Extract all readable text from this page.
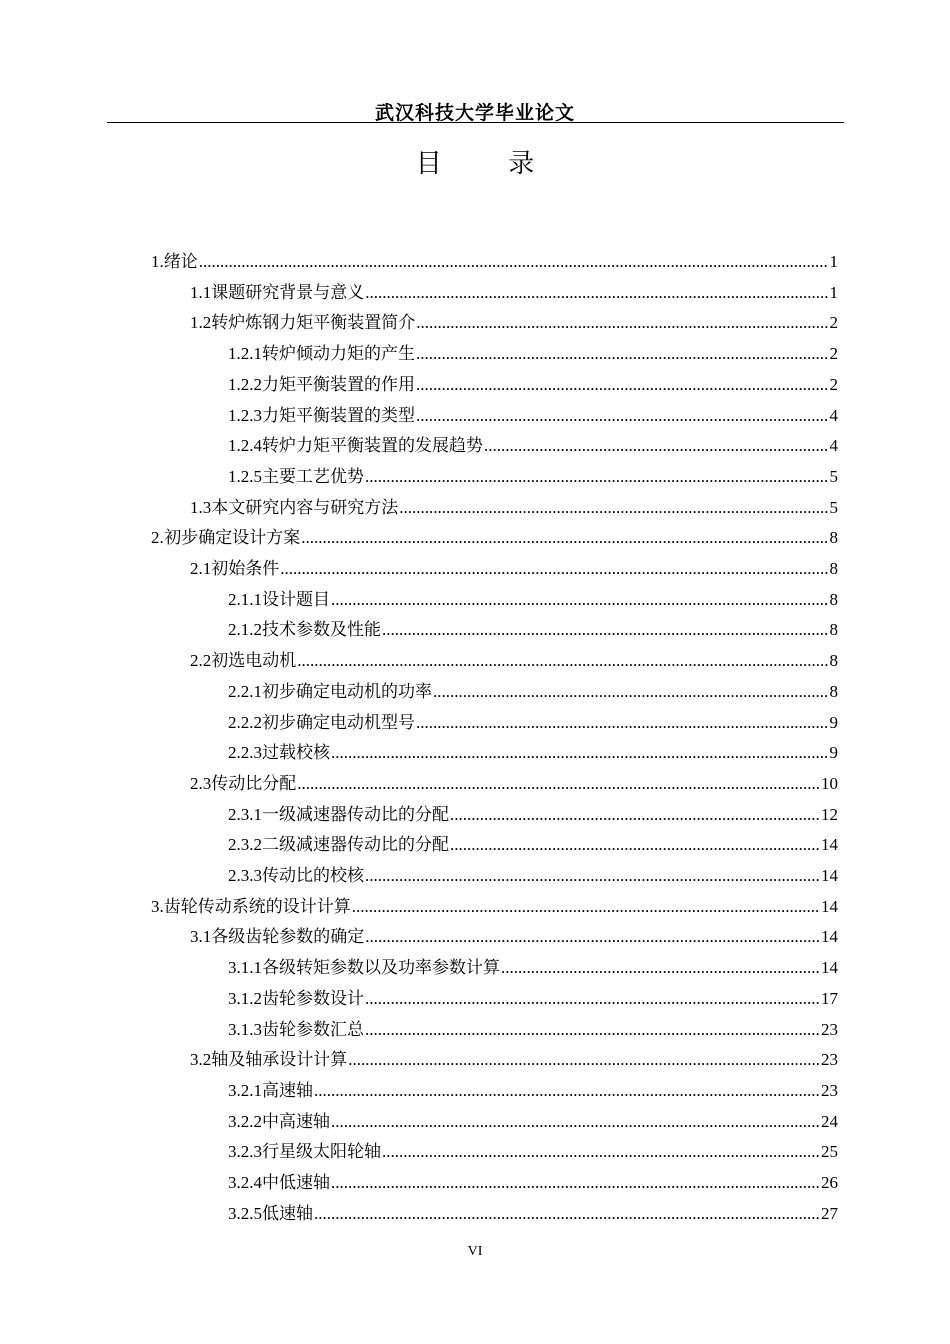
武汉科技大学毕业论文
目 录
1. 绪论 .....	1
1.1 课题研究背景与意义 .....	1
1.2 转炉炼钢力矩平衡装置简介 .....	2
1.2.1 转炉倾动力矩的产生 .....	2
1.2.2 力矩平衡装置的作用 .....	2
1.2.3 力矩平衡装置的类型 .....	4
1.2.4 转炉力矩平衡装置的发展趋势 .....	4
1.2.5 主要工艺优势 .....	5
1.3 本文研究内容与研究方法 .....	5
2. 初步确定设计方案 .....	8
2.1 初始条件 .....	8
2.1.1 设计题目 .....	8
2.1.2 技术参数及性能 .....	8
2.2 初选电动机 .....	8
2.2.1 初步确定电动机的功率 .....	8
2.2.2 初步确定电动机型号 .....	9
2.2.3 过载校核 .....	9
2.3 传动比分配 .....	10
2.3.1 一级减速器传动比的分配 .....	12
2.3.2 二级减速器传动比的分配 .....	14
2.3.3 传动比的校核 .....	14
3. 齿轮传动系统的设计计算 .....	14
3.1 各级齿轮参数的确定 .....	14
3.1.1 各级转矩参数以及功率参数计算 .....	14
3.1.2 齿轮参数设计 .....	17
3.1.3 齿轮参数汇总 .....	23
3.2 轴及轴承设计计算 .....	23
3.2.1 高速轴 .....	23
3.2.2 中高速轴 .....	24
3.2.3 行星级太阳轮轴 .....	25
3.2.4 中低速轴 .....	26
3.2.5 低速轴 .....	27
VI
